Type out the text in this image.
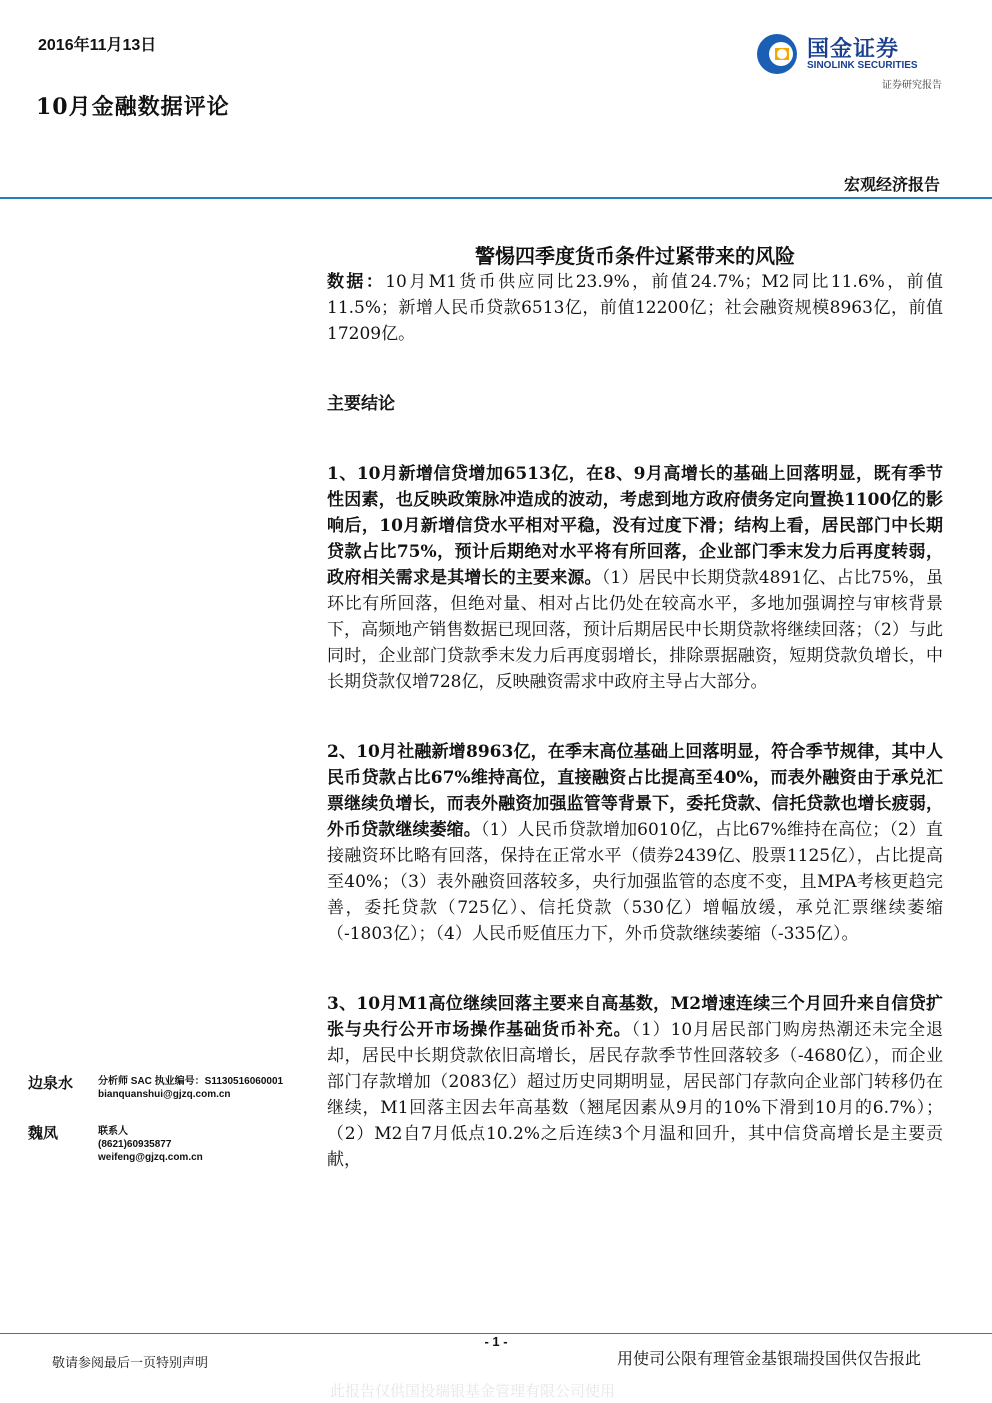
2016年11月13日
10月金融数据评论
国金证券
SINOLINK SECURITIES
证券研究报告
宏观经济报告
警惕四季度货币条件过紧带来的风险

数据：10月M1货币供应同比23.9%，前值24.7%；M2同比11.6%，前值11.5%；新增人民币贷款6513亿，前值12200亿；社会融资规模8963亿，前值17209亿。

主要结论

1、10月新增信贷增加6513亿，在8、9月高增长的基础上回落明显，既有季节性因素，也反映政策脉冲造成的波动，考虑到地方政府债务定向置换1100亿的影响后，10月新增信贷水平相对平稳，没有过度下滑；结构上看，居民部门中长期贷款占比75%，预计后期绝对水平将有所回落，企业部门季末发力后再度转弱，政府相关需求是其增长的主要来源。（1）居民中长期贷款4891亿、占比75%，虽环比有所回落，但绝对量、相对占比仍处在较高水平，多地加强调控与审核背景下，高频地产销售数据已现回落，预计后期居民中长期贷款将继续回落；（2）与此同时，企业部门贷款季末发力后再度弱增长，排除票据融资，短期贷款负增长，中长期贷款仅增728亿，反映融资需求中政府主导占大部分。

2、10月社融新增8963亿，在季末高位基础上回落明显，符合季节规律，其中人民币贷款占比67%维持高位，直接融资占比提高至40%，而表外融资由于承兑汇票继续负增长，而表外融资加强监管等背景下，委托贷款、信托贷款也增长疲弱，外币贷款继续萎缩。（1）人民币贷款增加6010亿，占比67%维持在高位；（2）直接融资环比略有回落，保持在正常水平（债券2439亿、股票1125亿），占比提高至40%；（3）表外融资回落较多，央行加强监管的态度不变，且MPA考核更趋完善，委托贷款（725亿）、信托贷款（530亿）增幅放缓，承兑汇票继续萎缩（-1803亿）；（4）人民币贬值压力下，外币贷款继续萎缩（-335亿）。

3、10月M1高位继续回落主要来自高基数，M2增速连续三个月回升来自信贷扩张与央行公开市场操作基础货币补充。（1）10月居民部门购房热潮还未完全退却，居民中长期贷款依旧高增长，居民存款季节性回落较多（-4680亿），而企业部门存款增加（2083亿）超过历史同期明显，居民部门存款向企业部门转移仍在继续，M1回落主因去年高基数（翘尾因素从9月的10%下滑到10月的6.7%）；（2）M2自7月低点10.2%之后连续3个月温和回升，其中信贷高增长是主要贡献，

边泉水 分析师 SAC 执业编号：S1130516060001
bianquanshui@gjzq.com.cn
魏凤	联系人
(8621)60935877
weifeng@gjzq.com.cn
- 1 -
敬请参阅最后一页特别声明	用使司公限有理管金基银瑞投国供仅告报此
此报告仅供国投瑞银基金管理有限公司使用
